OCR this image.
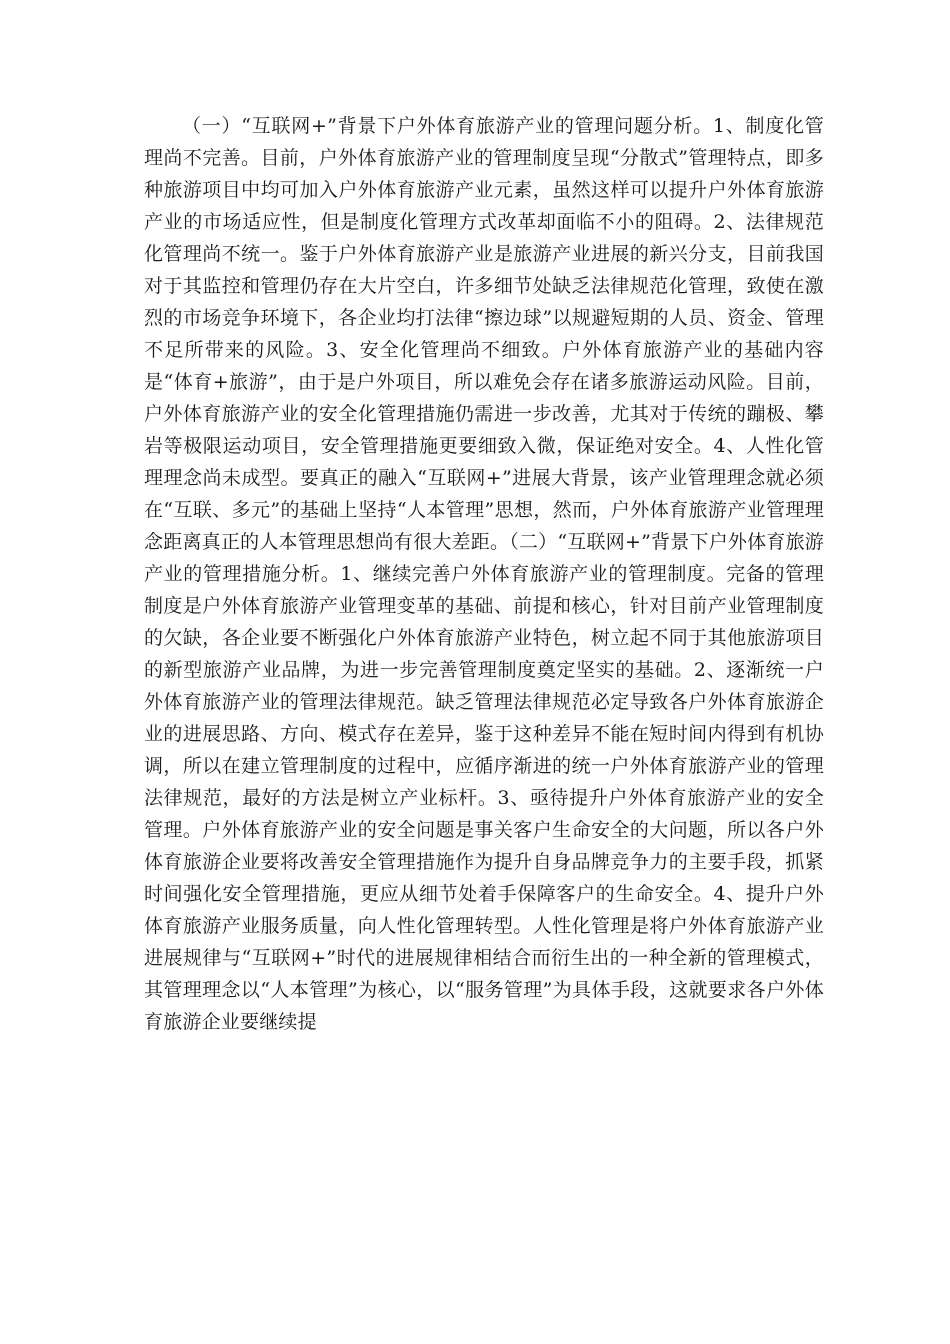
（一）“互联网+”背景下户外体育旅游产业的管理问题分析。1、制度化管理尚不完善。目前，户外体育旅游产业的管理制度呈现“分散式”管理特点，即多种旅游项目中均可加入户外体育旅游产业元素，虽然这样可以提升户外体育旅游产业的市场适应性，但是制度化管理方式改革却面临不小的阻碍。2、法律规范化管理尚不统一。鉴于户外体育旅游产业是旅游产业进展的新兴分支，目前我国对于其监控和管理仍存在大片空白，许多细节处缺乏法律规范化管理，致使在激烈的市场竞争环境下，各企业均打法律“擦边球”以规避短期的人员、资金、管理不足所带来的风险。3、安全化管理尚不细致。户外体育旅游产业的基础内容是“体育+旅游”，由于是户外项目，所以难免会存在诸多旅游运动风险。目前，户外体育旅游产业的安全化管理措施仍需进一步改善，尤其对于传统的蹦极、攀岩等极限运动项目，安全管理措施更要细致入微，保证绝对安全。4、人性化管理理念尚未成型。要真正的融入“互联网+”进展大背景，该产业管理理念就必须在“互联、多元”的基础上坚持“人本管理”思想，然而，户外体育旅游产业管理理念距离真正的人本管理思想尚有很大差距。（二）“互联网+”背景下户外体育旅游产业的管理措施分析。1、继续完善户外体育旅游产业的管理制度。完备的管理制度是户外体育旅游产业管理变革的基础、前提和核心，针对目前产业管理制度的欠缺，各企业要不断强化户外体育旅游产业特色，树立起不同于其他旅游项目的新型旅游产业品牌，为进一步完善管理制度奠定坚实的基础。2、逐渐统一户外体育旅游产业的管理法律规范。缺乏管理法律规范必定导致各户外体育旅游企业的进展思路、方向、模式存在差异，鉴于这种差异不能在短时间内得到有机协调，所以在建立管理制度的过程中，应循序渐进的统一户外体育旅游产业的管理法律规范，最好的方法是树立产业标杆。3、亟待提升户外体育旅游产业的安全管理。户外体育旅游产业的安全问题是事关客户生命安全的大问题，所以各户外体育旅游企业要将改善安全管理措施作为提升自身品牌竞争力的主要手段，抓紧时间强化安全管理措施，更应从细节处着手保障客户的生命安全。4、提升户外体育旅游产业服务质量，向人性化管理转型。人性化管理是将户外体育旅游产业进展规律与“互联网+”时代的进展规律相结合而衍生出的一种全新的管理模式，其管理理念以“人本管理”为核心，以“服务管理”为具体手段，这就要求各户外体育旅游企业要继续提
